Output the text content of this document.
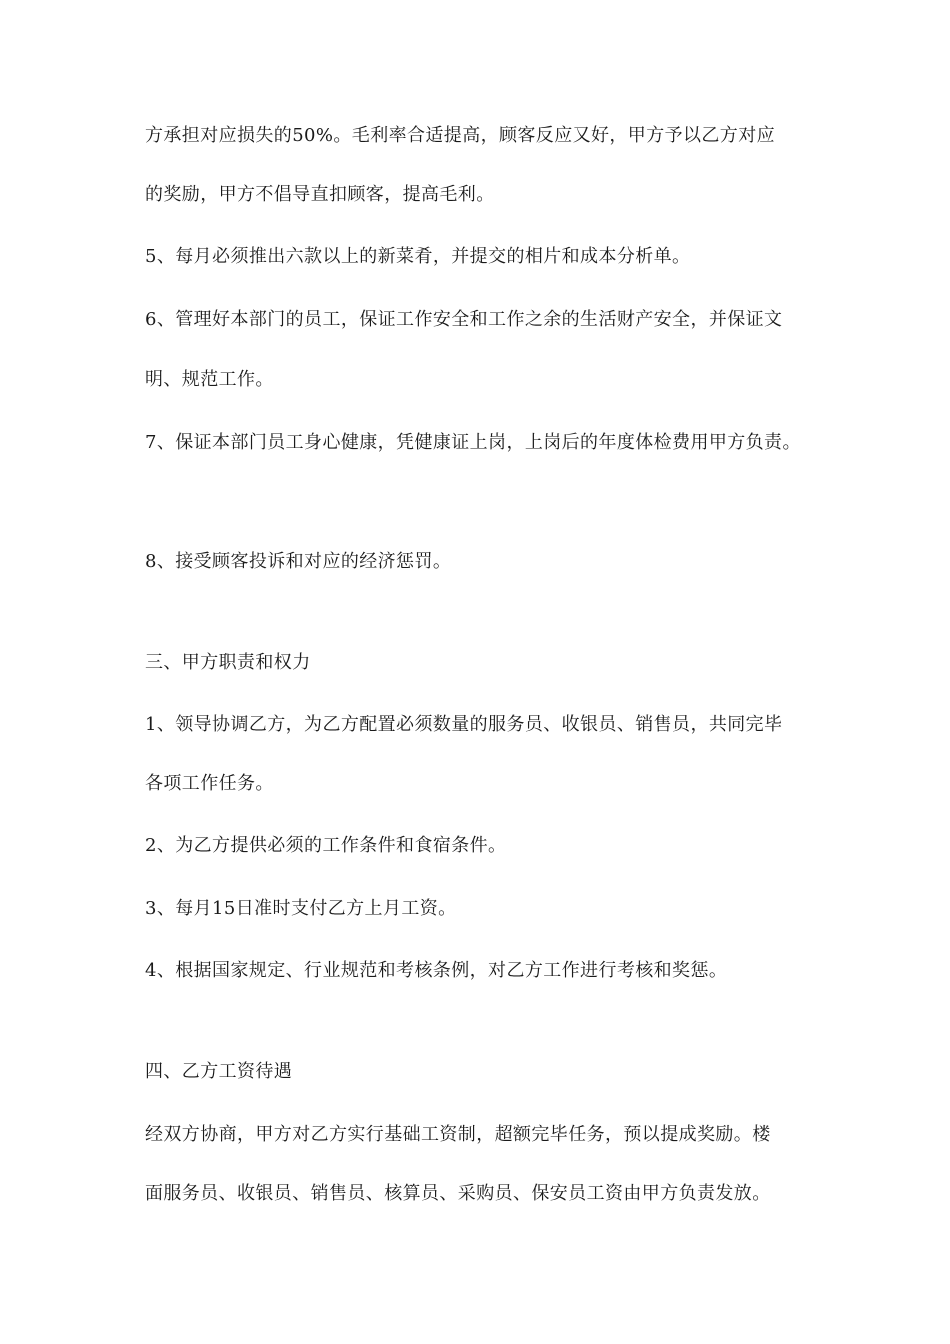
方承担对应损失的50%。毛利率合适提高，顾客反应又好，甲方予以乙方对应
的奖励，甲方不倡导直扣顾客，提高毛利。
5、每月必须推出六款以上的新菜肴，并提交的相片和成本分析单。
6、管理好本部门的员工，保证工作安全和工作之余的生活财产安全，并保证文
明、规范工作。
7、保证本部门员工身心健康，凭健康证上岗，上岗后的年度体检费用甲方负责。
8、接受顾客投诉和对应的经济惩罚。
三、甲方职责和权力
1、领导协调乙方，为乙方配置必须数量的服务员、收银员、销售员，共同完毕
各项工作任务。
2、为乙方提供必须的工作条件和食宿条件。
3、每月15日准时支付乙方上月工资。
4、根据国家规定、行业规范和考核条例，对乙方工作进行考核和奖惩。
四、乙方工资待遇
经双方协商，甲方对乙方实行基础工资制，超额完毕任务，预以提成奖励。楼
面服务员、收银员、销售员、核算员、采购员、保安员工资由甲方负责发放。
